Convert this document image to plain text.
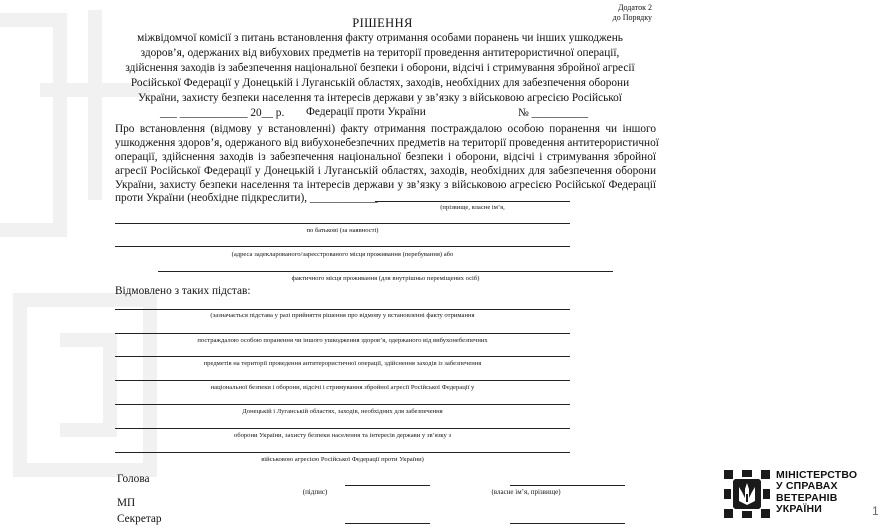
Додаток 2
до Порядку
РІШЕННЯ
міжвідомчої комісії з питань встановлення факту отримання особами поранень чи інших ушкоджень
здоров’я, одержаних від вибухових предметів на території проведення антитерористичної операції,
здійснення заходів із забезпечення національної безпеки і оборони, відсічі і стримування збройної агресії
Російської Федерації у Донецькій і Луганській областях, заходів, необхідних для забезпечення оборони
України, захисту безпеки населення та інтересів держави у зв’язку з військовою агресією Російської
___ ____________ 20__ р. Федерації проти України	№ __________
Про встановлення (відмову у встановленні) факту отримання постраждалою особою поранення чи іншого
ушкодження здоров’я, одержаного від вибухонебезпечних предметів на території проведення антитерористичної
операції, здійснення заходів із забезпечення національної безпеки і оборони, відсічі і стримування збройної
агресії Російської Федерації у Донецькій і Луганській областях, заходів, необхідних для забезпечення оборони
України, захисту безпеки населення та інтересів держави у зв’язку з військовою агресією Російської Федерації
проти України (необхідне підкреслити), ____________
(прізвище, власне ім’я,
по батькові (за наявності)
(адреса задекларованого/зареєстрованого місця проживання (перебування) або
фактичного місця проживання (для внутрішньо переміщених осіб)
Відмовлено з таких підстав:
(зазначається підстава у разі прийняття рішення про відмову у встановленні факту отримання
постраждалою особою поранення чи іншого ушкодження здоров’я, одержаного від вибухонебезпечних
предметів на території проведення антитерористичної операції, здійснення заходів із забезпечення
національної безпеки і оборони, відсічі і стримування збройної агресії Російської Федерації у
Донецькій і Луганській областях, заходів, необхідних для забезпечення
оборони України, захисту безпеки населення та інтересів держави у зв’язку з
військовою агресією Російської Федерації проти України)
Голова
(підпис)	(власне ім’я, прізвище)
МП
Секретар
МІНІСТЕРСТВО
У СПРАВАХ
ВЕТЕРАНІВ
УКРАЇНИ	1
